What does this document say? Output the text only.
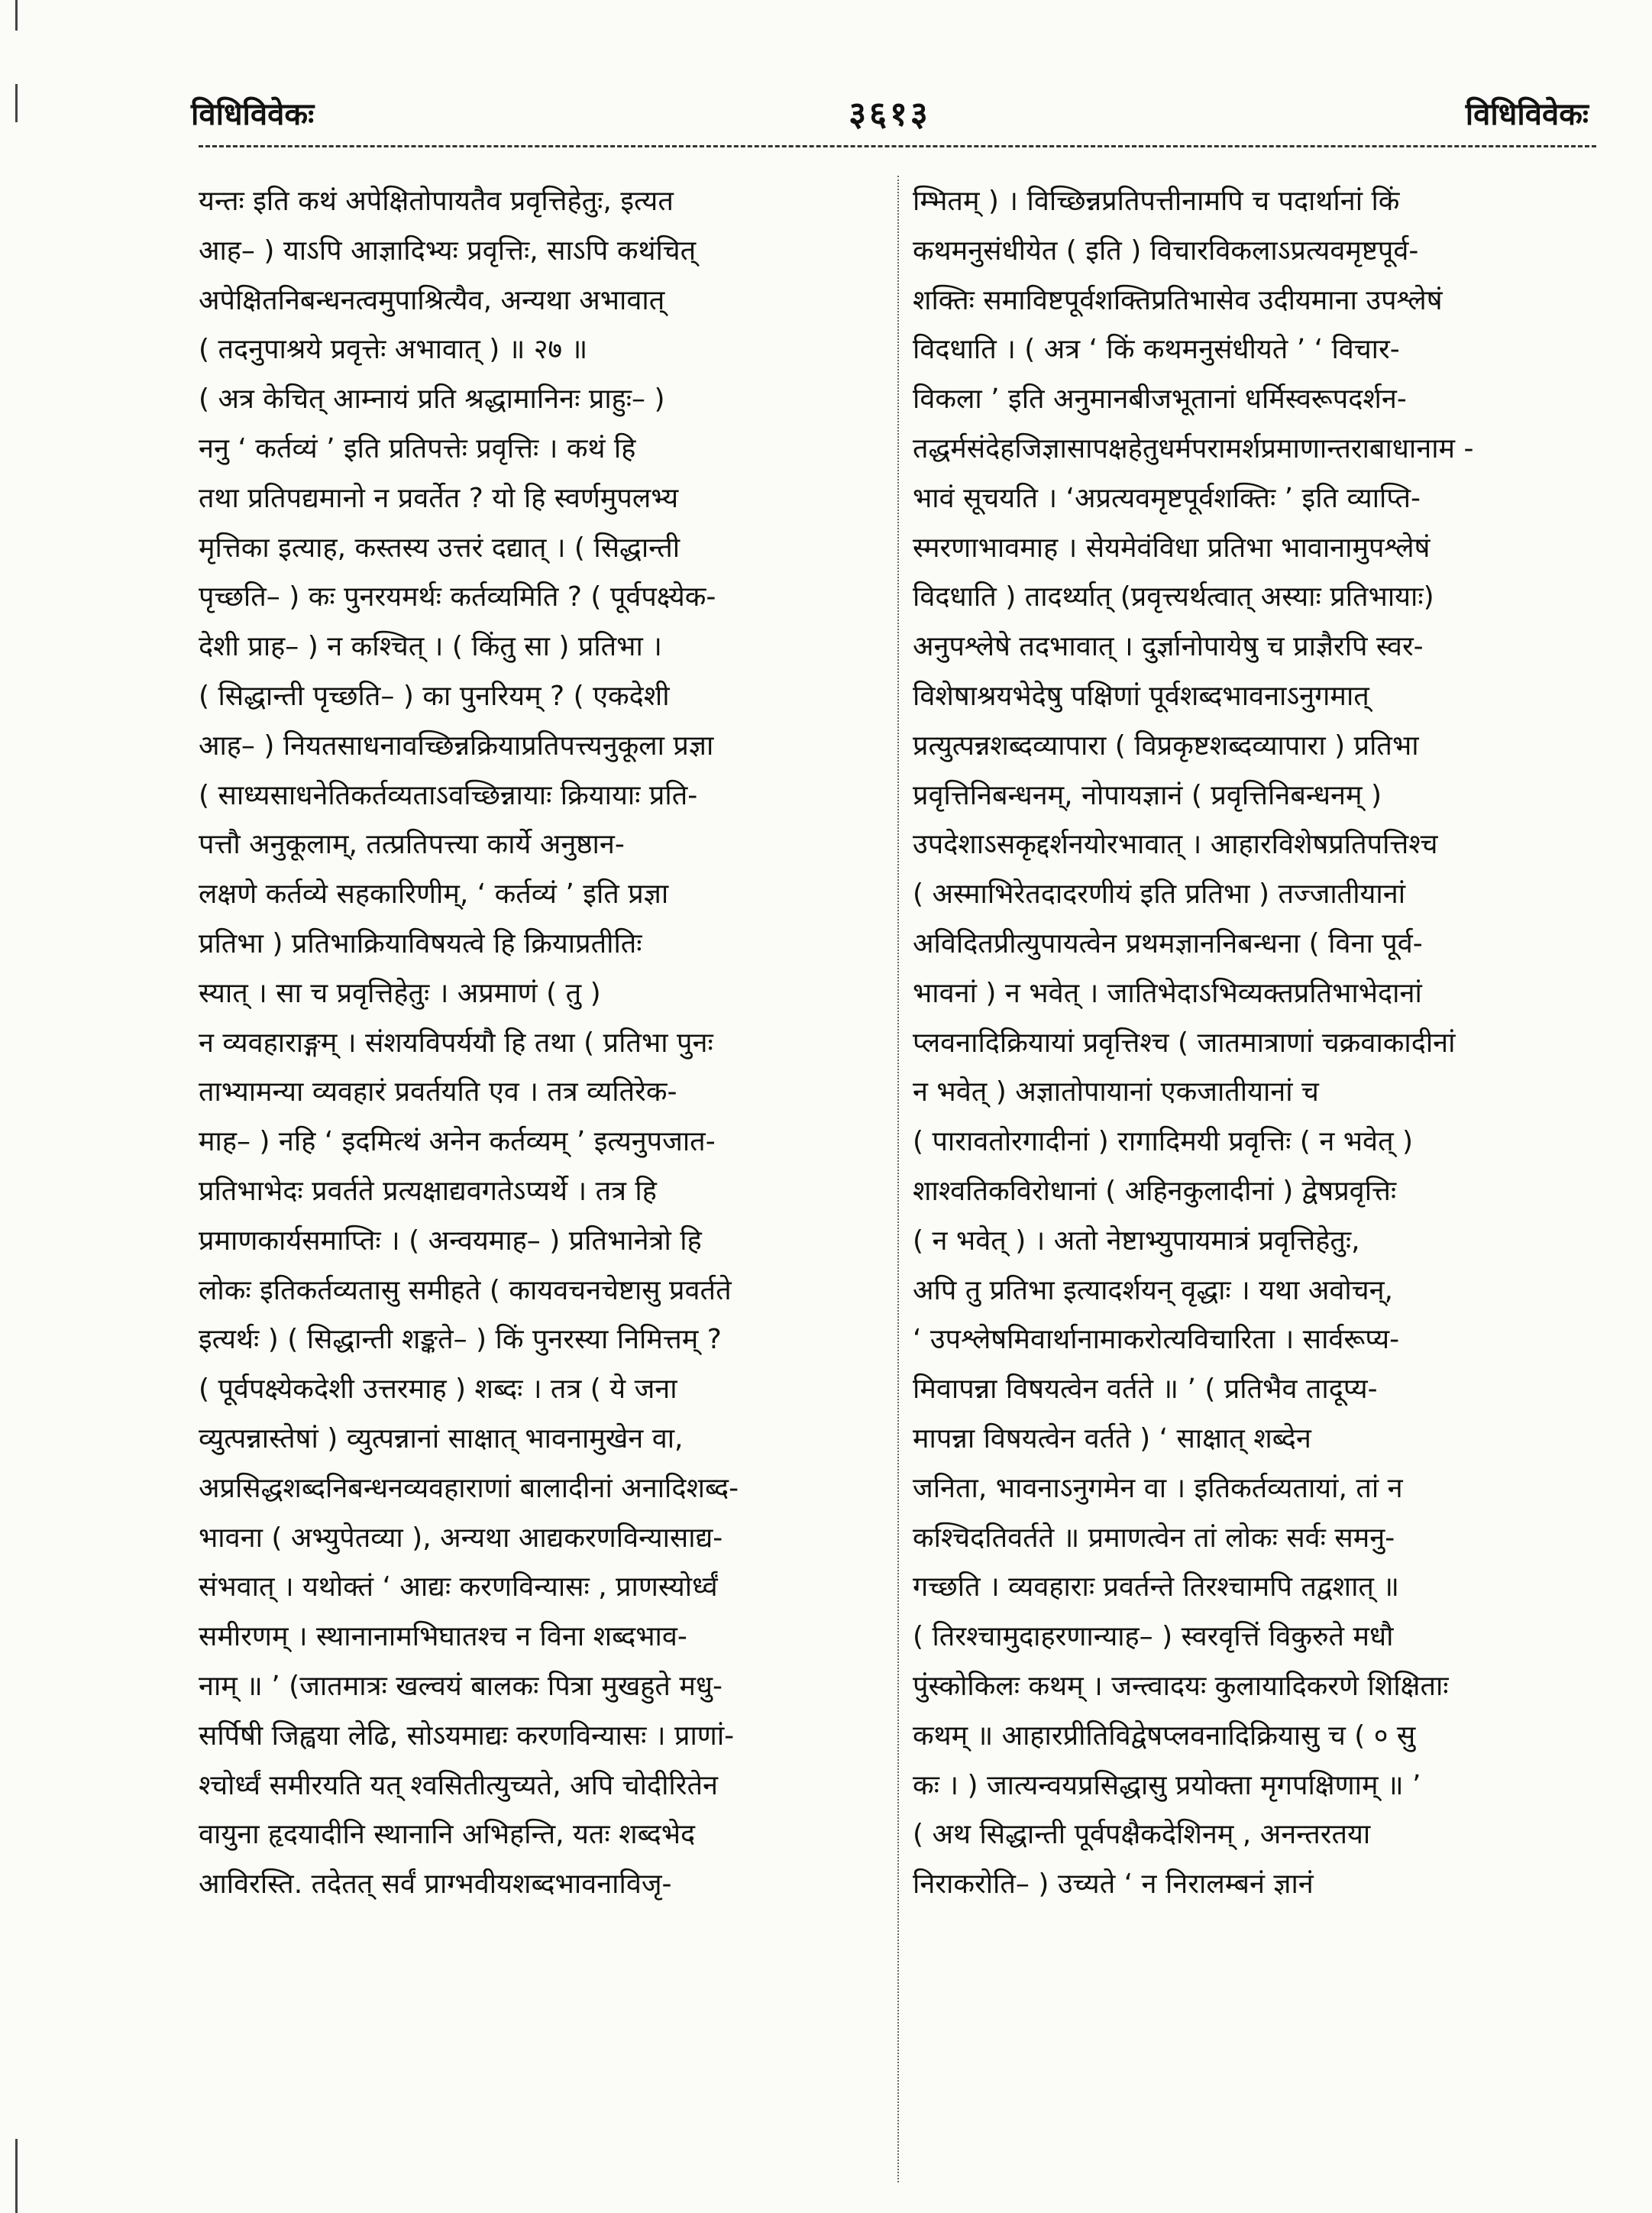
विधिविवेकः	३६१३	विधिविवेकः
यन्तः इति कथं अपेक्षितोपायतैव प्रवृत्तिहेतुः, इत्यत
आह– ) याऽपि आज्ञादिभ्यः प्रवृत्तिः, साऽपि कथंचित्
अपेक्षितनिबन्धनत्वमुपाश्रित्यैव, अन्यथा अभावात्
( तदनुपाश्रये प्रवृत्तेः अभावात् ) ॥ २७ ॥
( अत्र केचित् आम्नायं प्रति श्रद्धामानिनः प्राहुः– )
ननु ‘ कर्तव्यं ’ इति प्रतिपत्तेः प्रवृत्तिः । कथं हि
तथा प्रतिपद्यमानो न प्रवर्तेत ? यो हि स्वर्णमुपलभ्य
मृत्तिका इत्याह, कस्तस्य उत्तरं दद्यात् । ( सिद्धान्ती
पृच्छति– ) कः पुनरयमर्थः कर्तव्यमिति ? ( पूर्वपक्ष्येक-
देशी प्राह– ) न कश्चित् । ( किंतु सा ) प्रतिभा ।
( सिद्धान्ती पृच्छति– ) का पुनरियम् ? ( एकदेशी
आह– ) नियतसाधनावच्छिन्नक्रियाप्रतिपत्त्यनुकूला प्रज्ञा
( साध्यसाधनेतिकर्तव्यताऽवच्छिन्नायाः क्रियायाः प्रति-
पत्तौ अनुकूलाम्, तत्प्रतिपत्त्या कार्ये अनुष्ठान-
लक्षणे कर्तव्ये सहकारिणीम्, ‘ कर्तव्यं ’ इति प्रज्ञा
प्रतिभा ) प्रतिभाक्रियाविषयत्वे हि क्रियाप्रतीतिः
स्यात् । सा च प्रवृत्तिहेतुः । अप्रमाणं ( तु )
न व्यवहाराङ्गम् । संशयविपर्ययौ हि तथा ( प्रतिभा पुनः
ताभ्यामन्या व्यवहारं प्रवर्तयति एव । तत्र व्यतिरेक-
माह– ) नहि ‘ इदमित्थं अनेन कर्तव्यम् ’ इत्यनुपजात-
प्रतिभाभेदः प्रवर्तते प्रत्यक्षाद्यवगतेऽप्यर्थे । तत्र हि
प्रमाणकार्यसमाप्तिः । ( अन्वयमाह– ) प्रतिभानेत्रो हि
लोकः इतिकर्तव्यतासु समीहते ( कायवचनचेष्टासु प्रवर्तते
इत्यर्थः ) ( सिद्धान्ती शङ्कते– ) किं पुनरस्या निमित्तम् ?
( पूर्वपक्ष्येकदेशी उत्तरमाह ) शब्दः । तत्र ( ये जना
व्युत्पन्नास्तेषां ) व्युत्पन्नानां साक्षात् भावनामुखेन वा,
अप्रसिद्धशब्दनिबन्धनव्यवहाराणां बालादीनां अनादिशब्द-
भावना ( अभ्युपेतव्या ), अन्यथा आद्यकरणविन्यासाद्य-
संभवात् । यथोक्तं ‘ आद्यः करणविन्यासः , प्राणस्योर्ध्वं
समीरणम् । स्थानानामभिघातश्च न विना शब्दभाव-
नाम् ॥ ’ (जातमात्रः खल्वयं बालकः पित्रा मुखहुते मधु-
सर्पिषी जिह्वया लेढि, सोऽयमाद्यः करणविन्यासः । प्राणां-
श्चोर्ध्वं समीरयति यत् श्वसितीत्युच्यते, अपि चोदीरितेन
वायुना हृदयादीनि स्थानानि अभिहन्ति, यतः शब्दभेद
आविरस्ति. तदेतत् सर्वं प्राग्भवीयशब्दभावनाविजृ-
म्भितम् ) । विच्छिन्नप्रतिपत्तीनामपि च पदार्थानां किं
कथमनुसंधीयेत ( इति ) विचारविकलाऽप्रत्यवमृष्टपूर्व-
शक्तिः समाविष्टपूर्वशक्तिप्रतिभासेव उदीयमाना उपश्लेषं
विदधाति । ( अत्र ‘ किं कथमनुसंधीयते ’ ‘ विचार-
विकला ’ इति अनुमानबीजभूतानां धर्मिस्वरूपदर्शन-
तद्धर्मसंदेहजिज्ञासापक्षहेतुधर्मपरामर्शप्रमाणान्तराबाधानाम -
भावं सूचयति । ‘अप्रत्यवमृष्टपूर्वशक्तिः ’ इति व्याप्ति-
स्मरणाभावमाह । सेयमेवंविधा प्रतिभा भावानामुपश्लेषं
विदधाति ) तादर्थ्यात् (प्रवृत्त्यर्थत्वात् अस्याः प्रतिभायाः)
अनुपश्लेषे तदभावात् । दुर्ज्ञानोपायेषु च प्राज्ञैरपि स्वर-
विशेषाश्रयभेदेषु पक्षिणां पूर्वशब्दभावनाऽनुगमात्
प्रत्युत्पन्नशब्दव्यापारा ( विप्रकृष्टशब्दव्यापारा ) प्रतिभा
प्रवृत्तिनिबन्धनम्, नोपायज्ञानं ( प्रवृत्तिनिबन्धनम् )
उपदेशाऽसकृद्दर्शनयोरभावात् । आहारविशेषप्रतिपत्तिश्च
( अस्माभिरेतदादरणीयं इति प्रतिभा ) तज्जातीयानां
अविदितप्रीत्युपायत्वेन प्रथमज्ञाननिबन्धना ( विना पूर्व-
भावनां ) न भवेत् । जातिभेदाऽभिव्यक्तप्रतिभाभेदानां
प्लवनादिक्रियायां प्रवृत्तिश्च ( जातमात्राणां चक्रवाकादीनां
न भवेत् ) अज्ञातोपायानां एकजातीयानां च
( पारावतोरगादीनां ) रागादिमयी प्रवृत्तिः ( न भवेत् )
शाश्वतिकविरोधानां ( अहिनकुलादीनां ) द्वेषप्रवृत्तिः
( न भवेत् ) । अतो नेष्टाभ्युपायमात्रं प्रवृत्तिहेतुः,
अपि तु प्रतिभा इत्यादर्शयन् वृद्धाः । यथा अवोचन्,
‘ उपश्लेषमिवार्थानामाकरोत्यविचारिता । सार्वरूप्य-
मिवापन्ना विषयत्वेन वर्तते ॥ ’ ( प्रतिभैव तादूप्य-
मापन्ना विषयत्वेन वर्तते ) ‘ साक्षात् शब्देन
जनिता, भावनाऽनुगमेन वा । इतिकर्तव्यतायां, तां न
कश्चिदतिवर्तते ॥ प्रमाणत्वेन तां लोकः सर्वः समनु-
गच्छति । व्यवहाराः प्रवर्तन्ते तिरश्चामपि तद्वशात् ॥
( तिरश्चामुदाहरणान्याह– ) स्वरवृत्तिं विकुरुते मधौ
पुंस्कोकिलः कथम् । जन्त्वादयः कुलायादिकरणे शिक्षिताः
कथम् ॥ आहारप्रीतिविद्वेषप्लवनादिक्रियासु च ( ० सु
कः । ) जात्यन्वयप्रसिद्धासु प्रयोक्ता मृगपक्षिणाम् ॥ ’
( अथ सिद्धान्ती पूर्वपक्षैकदेशिनम् , अनन्तरतया
निराकरोति– ) उच्यते ‘ न निरालम्बनं ज्ञानं
